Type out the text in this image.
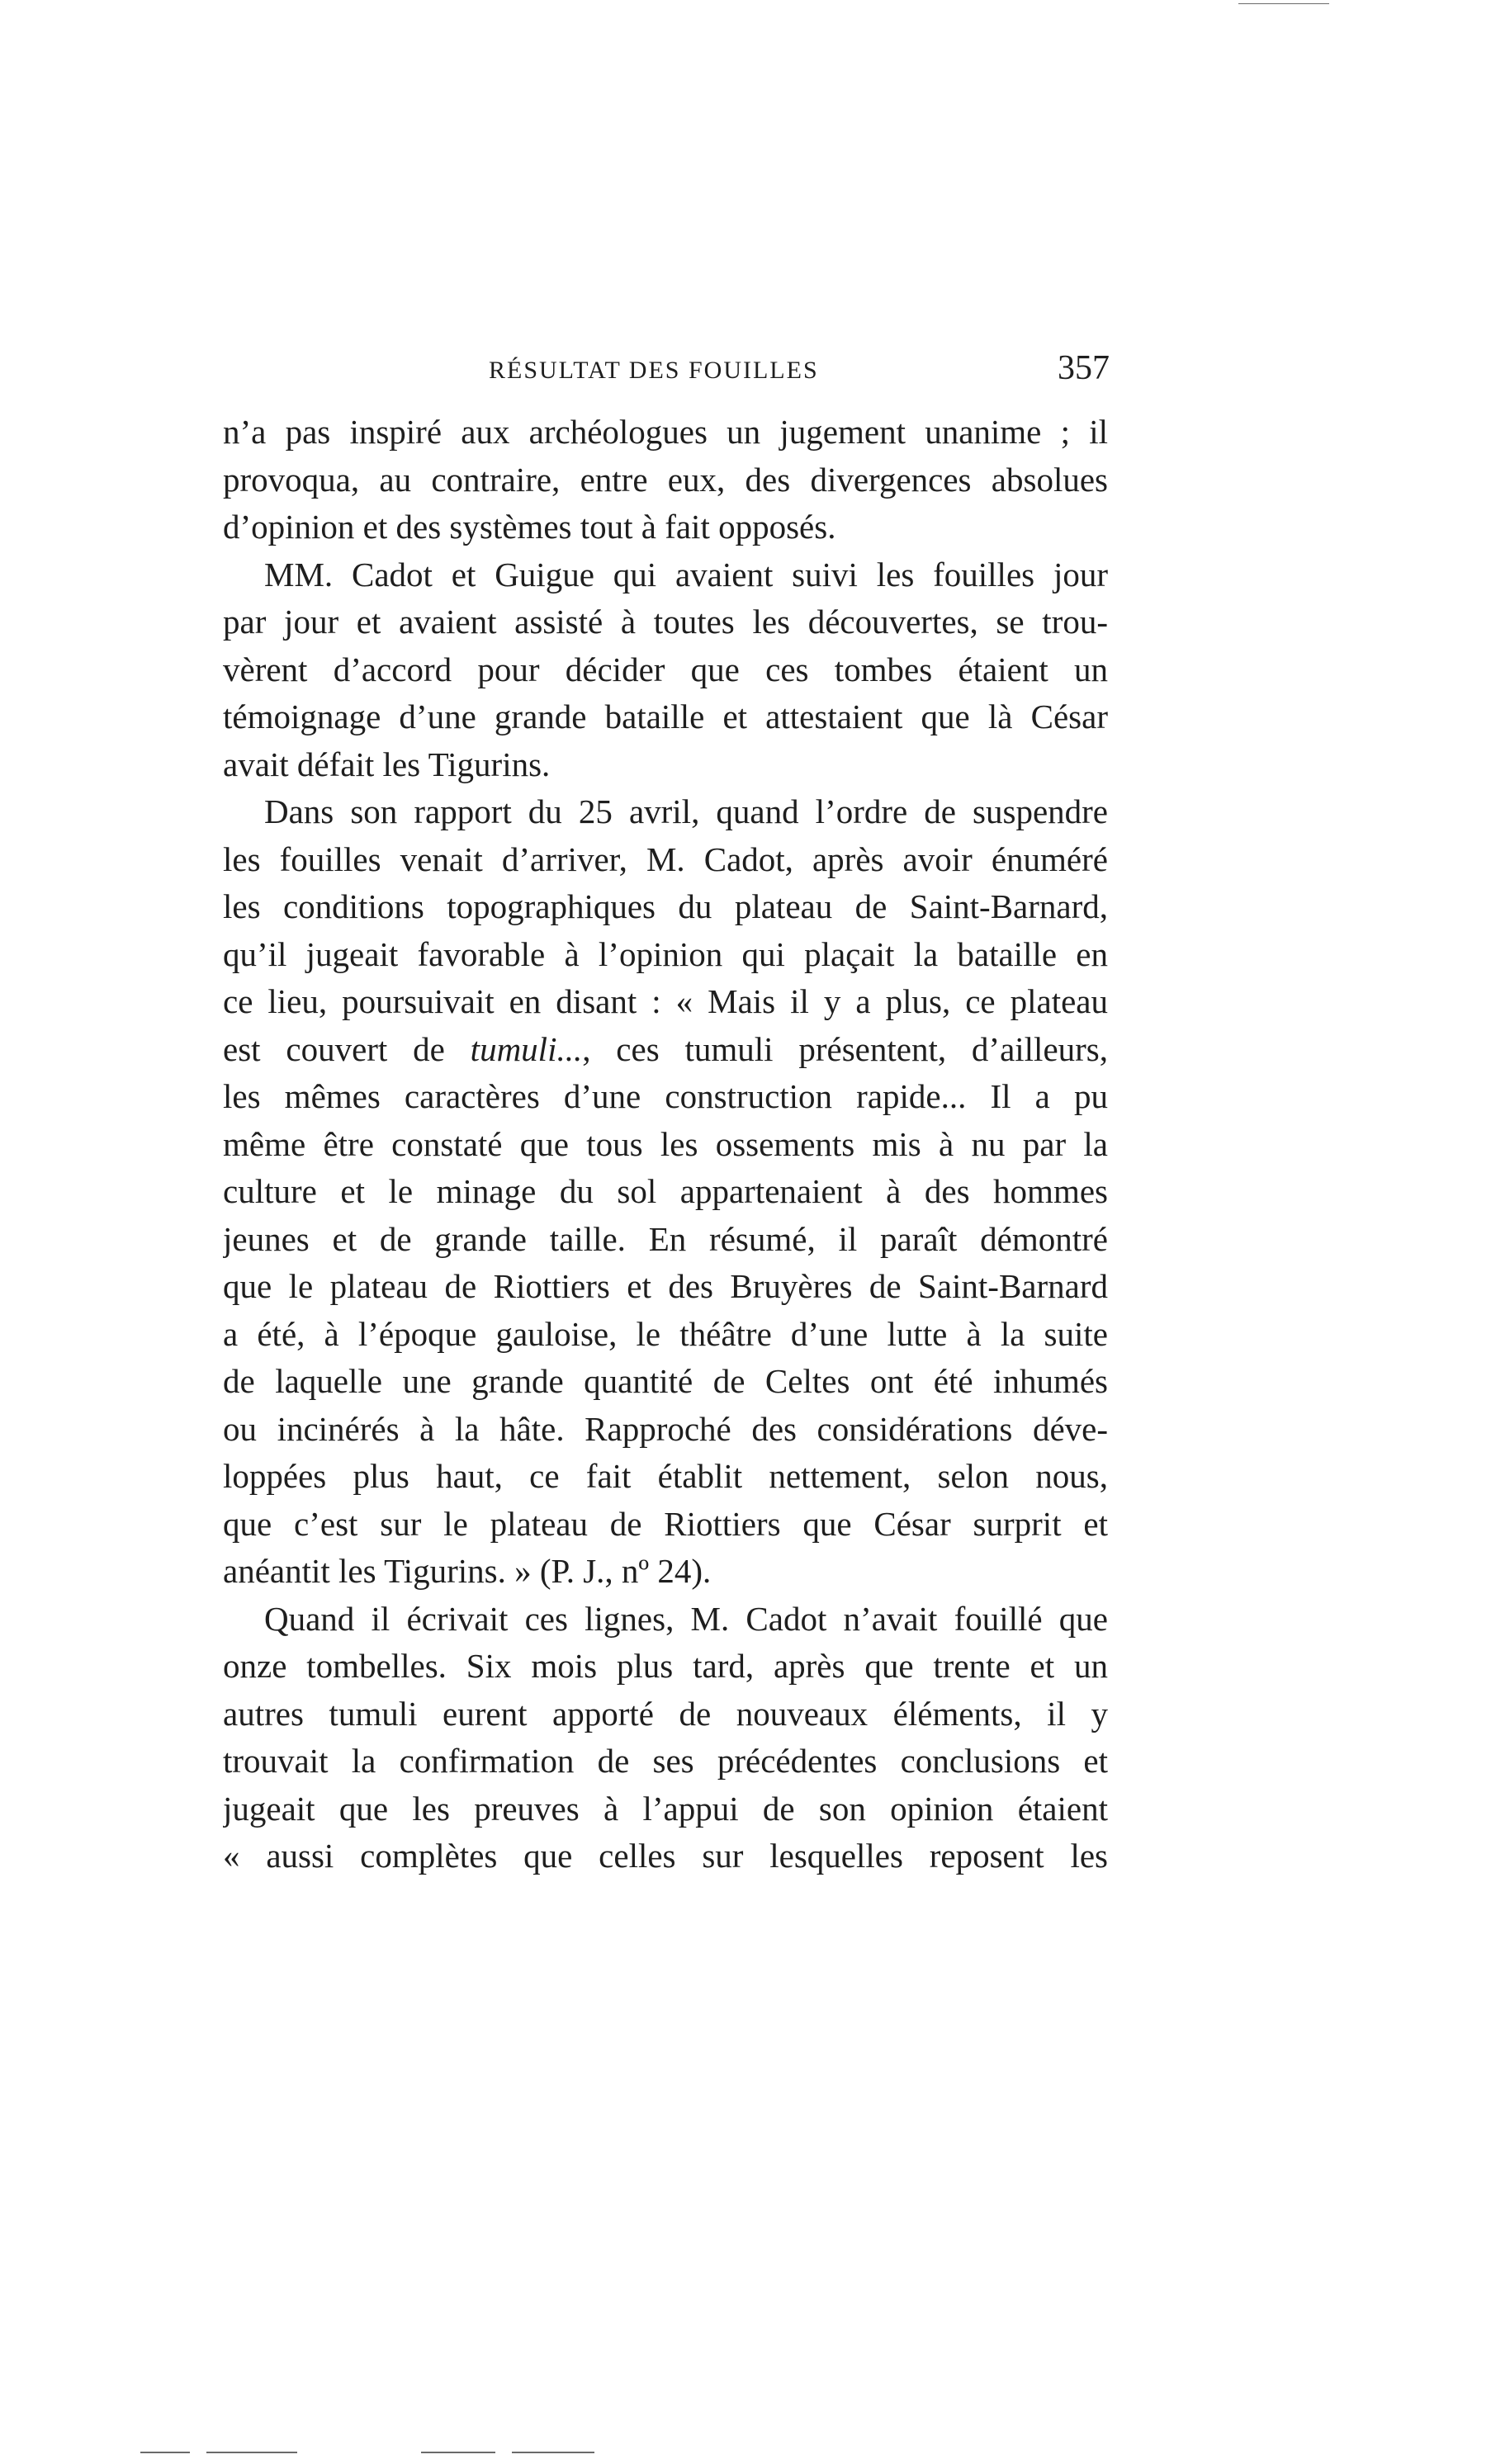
RÉSULTAT DES FOUILLES	357
n’a pas inspiré aux archéologues un jugement unanime ; il
provoqua, au contraire, entre eux, des divergences absolues
d’opinion et des systèmes tout à fait opposés.
MM. Cadot et Guigue qui avaient suivi les fouilles jour
par jour et avaient assisté à toutes les découvertes, se trou-
vèrent d’accord pour décider que ces tombes étaient un
témoignage d’une grande bataille et attestaient que là César
avait défait les Tigurins.
Dans son rapport du 25 avril, quand l’ordre de suspendre
les fouilles venait d’arriver, M. Cadot, après avoir énuméré
les conditions topographiques du plateau de Saint-Barnard,
qu’il jugeait favorable à l’opinion qui plaçait la bataille en
ce lieu, poursuivait en disant : « Mais il y a plus, ce plateau
est couvert de tumuli..., ces tumuli présentent, d’ailleurs,
les mêmes caractères d’une construction rapide... Il a pu
même être constaté que tous les ossements mis à nu par la
culture et le minage du sol appartenaient à des hommes
jeunes et de grande taille. En résumé, il paraît démontré
que le plateau de Riottiers et des Bruyères de Saint-Barnard
a été, à l’époque gauloise, le théâtre d’une lutte à la suite
de laquelle une grande quantité de Celtes ont été inhumés
ou incinérés à la hâte. Rapproché des considérations déve-
loppées plus haut, ce fait établit nettement, selon nous,
que c’est sur le plateau de Riottiers que César surprit et
anéantit les Tigurins. » (P. J., nº 24).
Quand il écrivait ces lignes, M. Cadot n’avait fouillé que
onze tombelles. Six mois plus tard, après que trente et un
autres tumuli eurent apporté de nouveaux éléments, il y
trouvait la confirmation de ses précédentes conclusions et
jugeait que les preuves à l’appui de son opinion étaient
« aussi complètes que celles sur lesquelles reposent les
